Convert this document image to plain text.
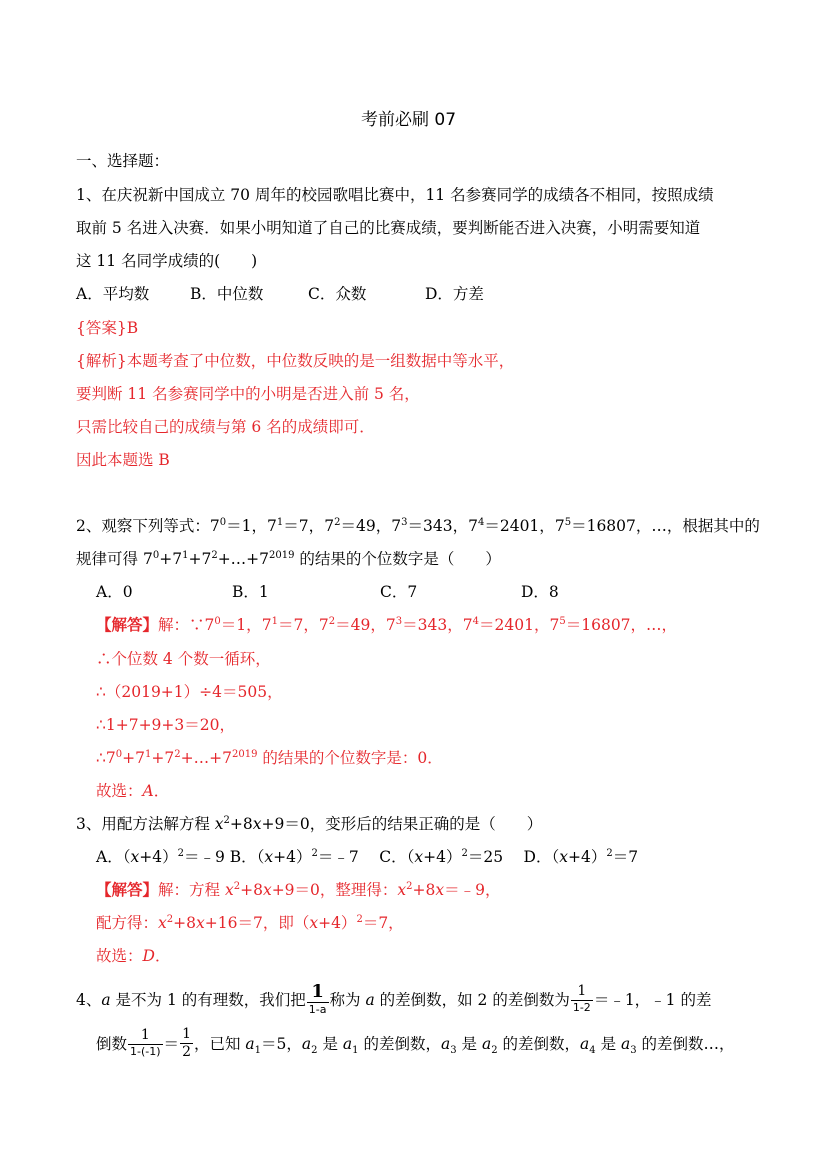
考前必刷 07
一、选择题：
1、在庆祝新中国成立 70 周年的校园歌唱比赛中，11 名参赛同学的成绩各不相同，按照成绩
取前 5 名进入决赛．如果小明知道了自己的比赛成绩，要判断能否进入决赛，小明需要知道
这 11 名同学成绩的(　　)
A．平均数	B．中位数	C．众数	D．方差
{答案}B
{解析}本题考查了中位数，中位数反映的是一组数据中等水平，
要判断 11 名参赛同学中的小明是否进入前 5 名，
只需比较自己的成绩与第 6 名的成绩即可．
因此本题选 B
2、观察下列等式：$7^0=1$，$7^1=7$，$7^2=49$，$7^3=343$，$7^4=2401$，$7^5=16807$，…，根据其中的
规律可得 $7^0+7^1+7^2+\dots+7^{2019}$ 的结果的个位数字是（　　）
A．0	B．1	C．7	D．8
【解答】解：$\because 7^0=1$，$7^1=7$，$7^2=49$，$7^3=343$，$7^4=2401$，$7^5=16807$，…，
∴个位数 4 个数一循环，
∴（2019+1）÷4＝505，
∴1+7+9+3＝20，
$\therefore 7^0+7^1+7^2+\dots+7^{2019}$ 的结果的个位数字是：0．
故选：A．
3、用配方法解方程 $x^2+8x+9=0$，变形后的结果正确的是（　　）
A．$(x+4)^2=﹣9$ B．$(x+4)^2=﹣7$　 C．$(x+4)^2=25$　 D．$(x+4)^2=7$
【解答】解：方程 $x^2+8x+9=0$，整理得：$x^2+8x=﹣9$，
配方得：$x^2+8x+16=7$，即$(x+4)^2=7$，
故选：D．
4、a 是不为 1 的有理数，我们把 $\frac{1}{1-a}$ 称为 a 的差倒数，如 2 的差倒数为 $\frac{1}{1-2}$ ＝﹣1，﹣1 的差
倒数 $\frac{1}{1-(-1)} = \frac{1}{2}$ ，已知 $a_1=5$，$a_2$ 是 $a_1$ 的差倒数，$a_3$ 是 $a_2$ 的差倒数，$a_4$ 是 $a_3$ 的差倒数…，
